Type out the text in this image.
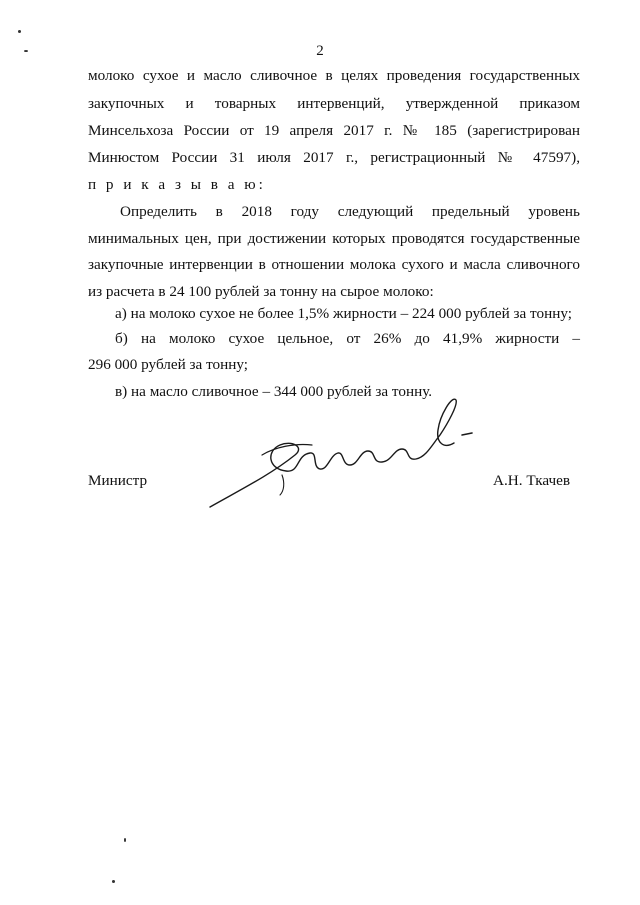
2
молоко сухое и масло сливочное в целях проведения государственных
закупочных и товарных интервенций, утвержденной приказом
Минсельхоза России от 19 апреля 2017 г. № 185 (зарегистрирован
Минюстом России 31 июля 2017 г., регистрационный № 47597),
п р и к а з ы в а ю:
Определить в 2018 году следующий предельный уровень
минимальных цен, при достижении которых проводятся государственные
закупочные интервенции в отношении молока сухого и масла сливочного
из расчета в 24 100 рублей за тонну на сырое молоко:
а) на молоко сухое не более 1,5% жирности – 224 000 рублей за тонну;
б) на молоко сухое цельное, от 26% до 41,9% жирности –
296 000 рублей за тонну;
в) на масло сливочное – 344 000 рублей за тонну.
Министр	А.Н. Ткачев
